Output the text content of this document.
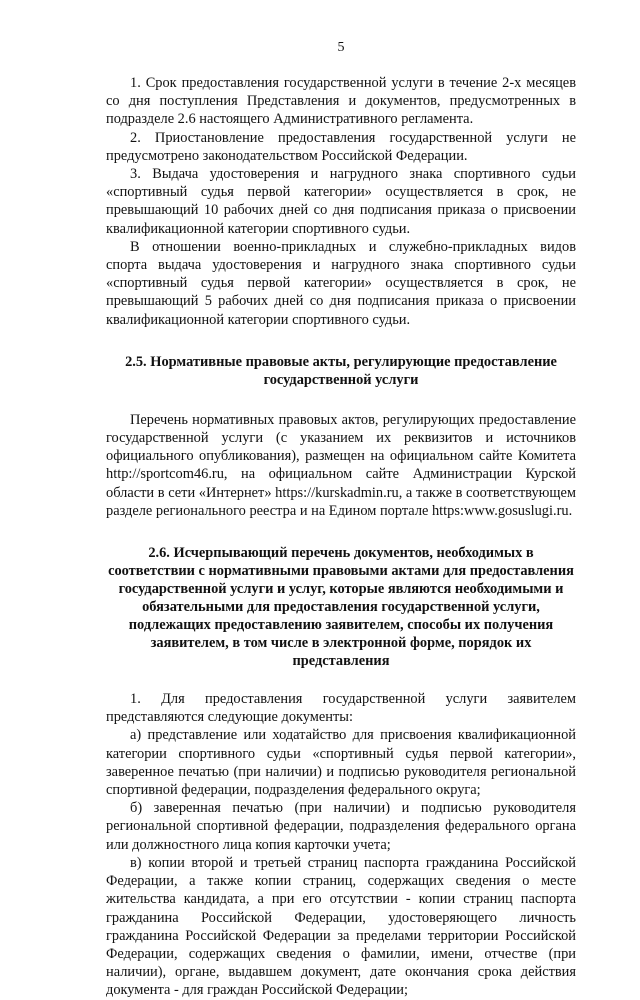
5

1. Срок предоставления государственной услуги в течение 2-х месяцев со дня поступления Представления и документов, предусмотренных в подразделе 2.6 настоящего Административного регламента.

2. Приостановление предоставления государственной услуги не предусмотрено законодательством Российской Федерации.

3. Выдача удостоверения и нагрудного знака спортивного судьи «спортивный судья первой категории» осуществляется в срок, не превышающий 10 рабочих дней со дня подписания приказа о присвоении квалификационной категории спортивного судьи.

В отношении военно-прикладных и служебно-прикладных видов спорта выдача удостоверения и нагрудного знака спортивного судьи «спортивный судья первой категории» осуществляется в срок, не превышающий 5 рабочих дней со дня подписания приказа о присвоении квалификационной категории спортивного судьи.

2.5. Нормативные правовые акты, регулирующие предоставление государственной услуги

Перечень нормативных правовых актов, регулирующих предоставление государственной услуги (с указанием их реквизитов и источников официального опубликования), размещен на официальном сайте Комитета http://sportcom46.ru, на официальном сайте Администрации Курской области в сети «Интернет» https://kurskadmin.ru, а также в соответствующем разделе регионального реестра и на Едином портале https:www.gosuslugi.ru.

2.6. Исчерпывающий перечень документов, необходимых в соответствии с нормативными правовыми актами для предоставления государственной услуги и услуг, которые являются необходимыми и обязательными для предоставления государственной услуги, подлежащих предоставлению заявителем, способы их получения заявителем, в том числе в электронной форме, порядок их представления

1. Для предоставления государственной услуги заявителем представляются следующие документы:

а) представление или ходатайство для присвоения квалификационной категории спортивного судьи «спортивный судья первой категории», заверенное печатью (при наличии) и подписью руководителя региональной спортивной федерации, подразделения федерального округа;

б) заверенная печатью (при наличии) и подписью руководителя региональной спортивной федерации, подразделения федерального органа или должностного лица копия карточки учета;

в) копии второй и третьей страниц паспорта гражданина Российской Федерации, а также копии страниц, содержащих сведения о месте жительства кандидата, а при его отсутствии - копии страниц паспорта гражданина Российской Федерации, удостоверяющего личность гражданина Российской Федерации за пределами территории Российской Федерации, содержащих сведения о фамилии, имени, отчестве (при наличии), органе, выдавшем документ, дате окончания срока действия документа - для граждан Российской Федерации;
